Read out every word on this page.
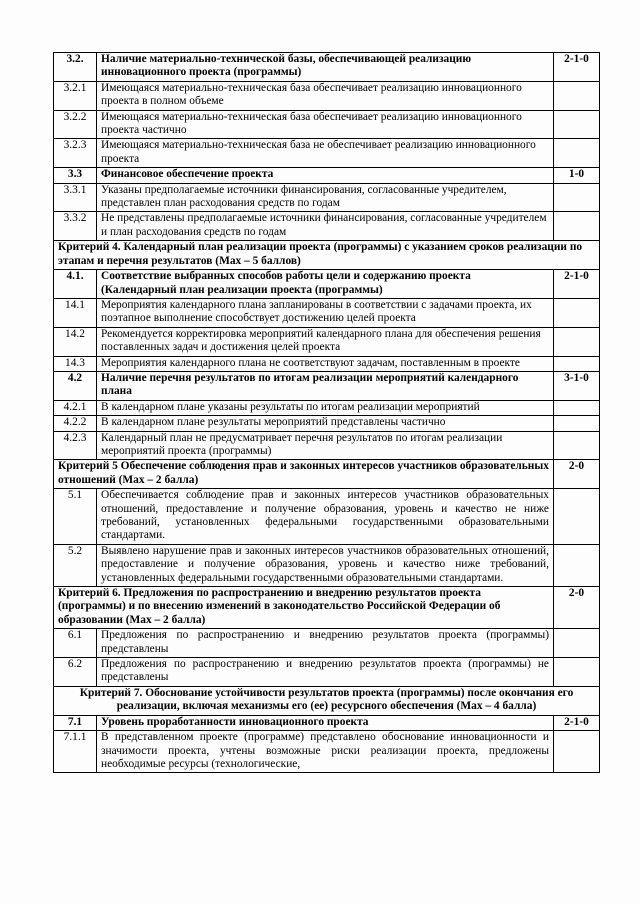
3.2.	Наличие материально-технической базы, обеспечивающей реализацию инновационного проекта (программы)	2-1-0
3.2.1	Имеющаяся материально-техническая база обеспечивает реализацию инновационного проекта в полном объеме	
3.2.2	Имеющаяся материально-техническая база обеспечивает реализацию инновационного проекта частично	
3.2.3	Имеющаяся материально-техническая база не обеспечивает реализацию инновационного проекта	
3.3	Финансовое обеспечение проекта	1-0
3.3.1	Указаны предполагаемые источники финансирования, согласованные учредителем, представлен план расходования средств по годам	
3.3.2	Не представлены предполагаемые источники финансирования, согласованные учредителем и план расходования средств по годам	
Критерий 4. Календарный план реализации проекта (программы) с указанием сроков реализации по этапам и перечня результатов (Max – 5 баллов)		
4.1.	Соответствие выбранных способов работы цели и содержанию проекта (Календарный план реализации проекта (программы)	2-1-0
14.1	Мероприятия календарного плана запланированы в соответствии с задачами проекта, их поэтапное выполнение способствует достижению целей проекта	
14.2	Рекомендуется корректировка мероприятий календарного плана для обеспечения решения поставленных задач и достижения целей проекта	
14.3	Мероприятия календарного плана не соответствуют задачам, поставленным в проекте	
4.2	Наличие перечня результатов по итогам реализации мероприятий календарного плана	3-1-0
4.2.1	В календарном плане указаны результаты по итогам реализации мероприятий	
4.2.2	В календарном плане результаты мероприятий представлены частично	
4.2.3	Календарный план не предусматривает перечня результатов по итогам реализации мероприятий проекта (программы)	
Критерий 5 Обеспечение соблюдения прав и законных интересов участников образовательных отношений (Max – 2 балла)		2-0
5.1	Обеспечивается соблюдение прав и законных интересов участников образовательных отношений, предоставление и получение образования, уровень и качество не ниже требований, установленных федеральными государственными образовательными стандартами.	
5.2	Выявлено нарушение прав и законных интересов участников образовательных отношений, предоставление и получение образования, уровень и качество ниже требований, установленных федеральными государственными образовательными стандартами.	
Критерий 6. Предложения по распространению и внедрению результатов проекта (программы) и по внесению изменений в законодательство Российской Федерации об образовании (Max – 2 балла)		2-0
6.1	Предложения по распространению и внедрению результатов проекта (программы) представлены	
6.2	Предложения по распространению и внедрению результатов проекта (программы) не представлены	
Критерий 7. Обоснование устойчивости результатов проекта (программы) после окончания его реализации, включая механизмы его (ее) ресурсного обеспечения (Max – 4 балла)		
7.1	Уровень проработанности инновационного проекта	2-1-0
7.1.1	В представленном проекте (программе) представлено обоснование инновационности и значимости проекта, учтены возможные риски реализации проекта, предложены необходимые ресурсы (технологические,	
